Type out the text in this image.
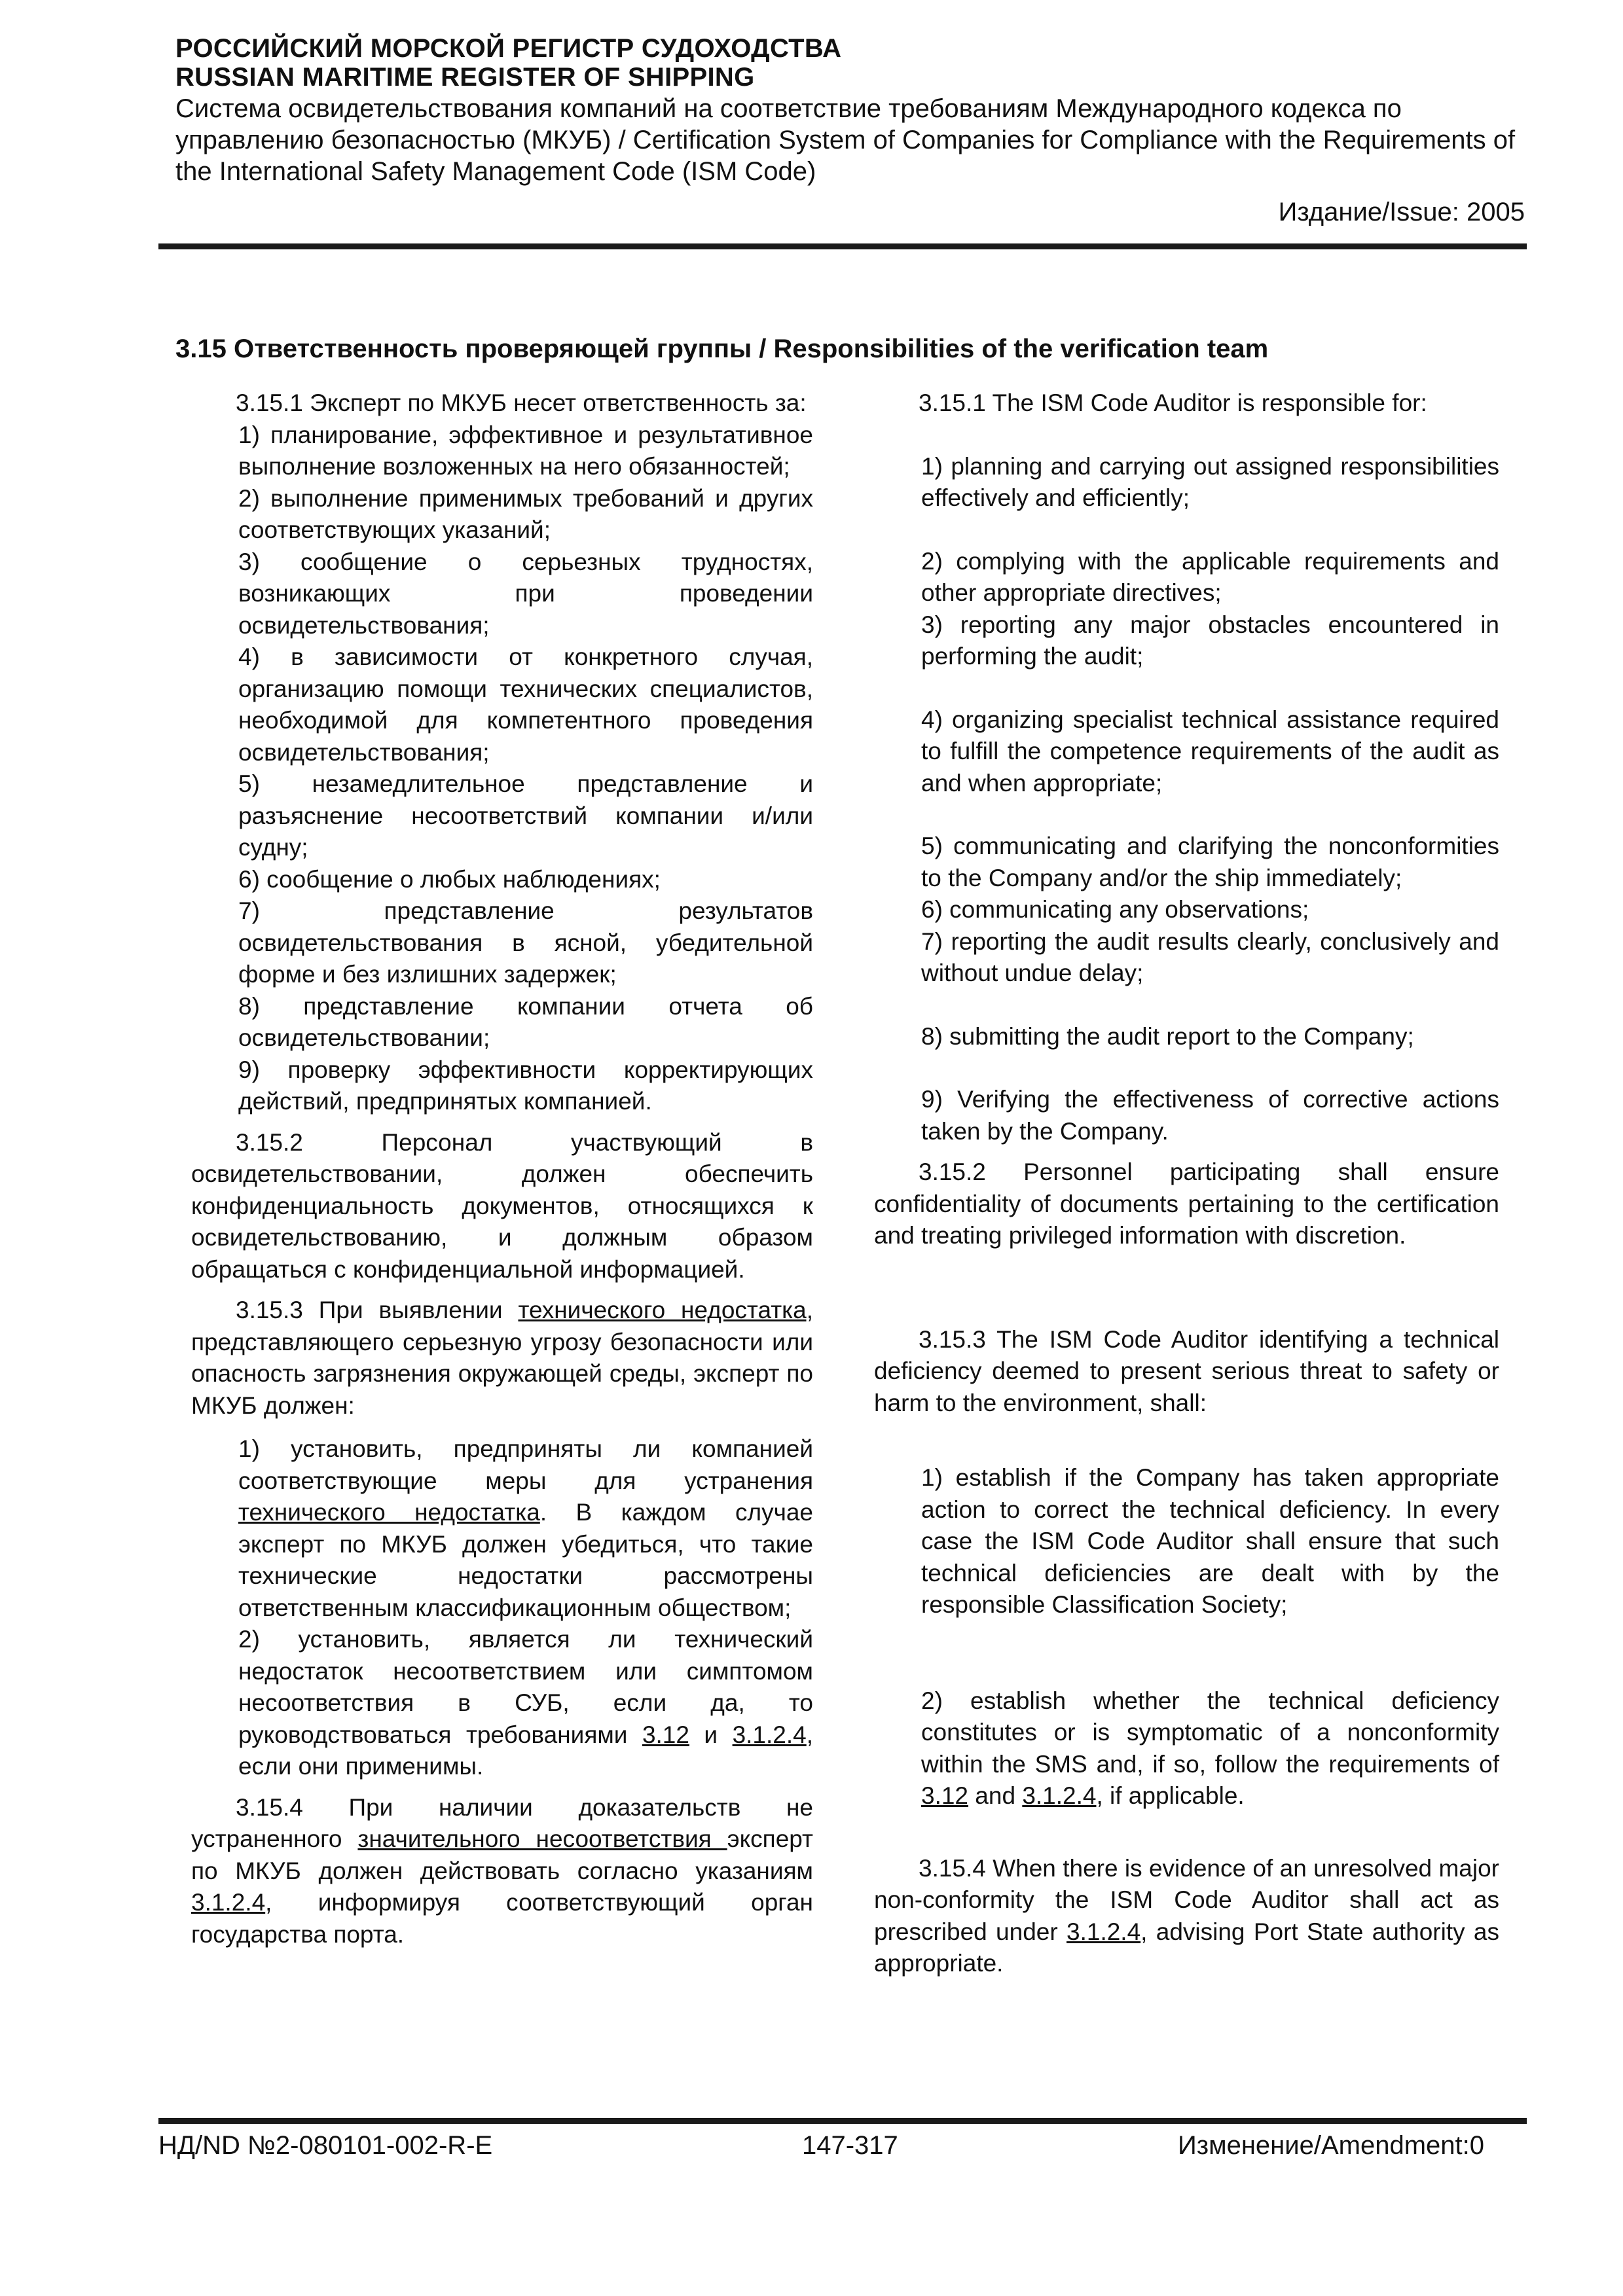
РОССИЙСКИЙ МОРСКОЙ РЕГИСТР СУДОХОДСТВА
RUSSIAN MARITIME REGISTER OF SHIPPING
Система освидетельствования компаний на соответствие требованиям Международного кодекса по управлению безопасностью (МКУБ) / Certification System of Companies for Compliance with the Requirements of the International Safety Management Code (ISM Code)
Издание/Issue: 2005
3.15 Ответственность проверяющей группы / Responsibilities of the verification team

3.15.1 Эксперт по МКУБ несет ответственность за:

1) планирование, эффективное и результативное выполнение возложенных на него обязанностей;

2) выполнение применимых требований и других соответствующих указаний;

3) сообщение о серьезных трудностях, возникающих при проведении освидетельствования;

4) в зависимости от конкретного случая, организацию помощи технических специалистов, необходимой для компетентного проведения освидетельствования;

5) незамедлительное представление и разъяснение несоответствий компании и/или судну;

6) сообщение о любых наблюдениях;

7) представление результатов освидетельствования в ясной, убедительной форме и без излишних задержек;

8) представление компании отчета об освидетельствовании;

9) проверку эффективности корректирующих действий, предпринятых компанией.

3.15.2 Персонал участвующий в освидетельствовании, должен обеспечить конфиденциальность документов, относящихся к освидетельствованию, и должным образом обращаться с конфиденциальной информацией.

3.15.3 При выявлении технического недостатка, представляющего серьезную угрозу безопасности или опасность загрязнения окружающей среды, эксперт по МКУБ должен:

1) установить, предприняты ли компанией соответствующие меры для устранения технического недостатка. В каждом случае эксперт по МКУБ должен убедиться, что такие технические недостатки рассмотрены ответственным классификационным обществом;

2) установить, является ли технический недостаток несоответствием или симптомом несоответствия в СУБ, если да, то руководствоваться требованиями 3.12 и 3.1.2.4, если они применимы.

3.15.4 При наличии доказательств не устраненного значительного несоответствия эксперт по МКУБ должен действовать согласно указаниям 3.1.2.4, информируя соответствующий орган государства порта.

3.15.1 The ISM Code Auditor is responsible for:

1) planning and carrying out assigned responsibilities effectively and efficiently;

2) complying with the applicable requirements and other appropriate directives;

3) reporting any major obstacles encountered in performing the audit;

4) organizing specialist technical assistance required to fulfill the competence requirements of the audit as and when appropriate;

5) communicating and clarifying the nonconformities to the Company and/or the ship immediately;

6) communicating any observations;

7) reporting the audit results clearly, conclusively and without undue delay;

8) submitting the audit report to the Company;

9) Verifying the effectiveness of corrective actions taken by the Company.

3.15.2 Personnel participating shall ensure confidentiality of documents pertaining to the certification and treating privileged information with discretion.

3.15.3 The ISM Code Auditor identifying a technical deficiency deemed to present serious threat to safety or harm to the environment, shall:

1) establish if the Company has taken appropriate action to correct the technical deficiency. In every case the ISM Code Auditor shall ensure that such technical deficiencies are dealt with by the responsible Classification Society;

2) establish whether the technical deficiency constitutes or is symptomatic of a nonconformity within the SMS and, if so, follow the requirements of 3.12 and 3.1.2.4, if applicable.

3.15.4 When there is evidence of an unresolved major non-conformity the ISM Code Auditor shall act as prescribed under 3.1.2.4, advising Port State authority as appropriate.

НД/ND №2-080101-002-R-E	147-317	Изменение/Amendment:0
